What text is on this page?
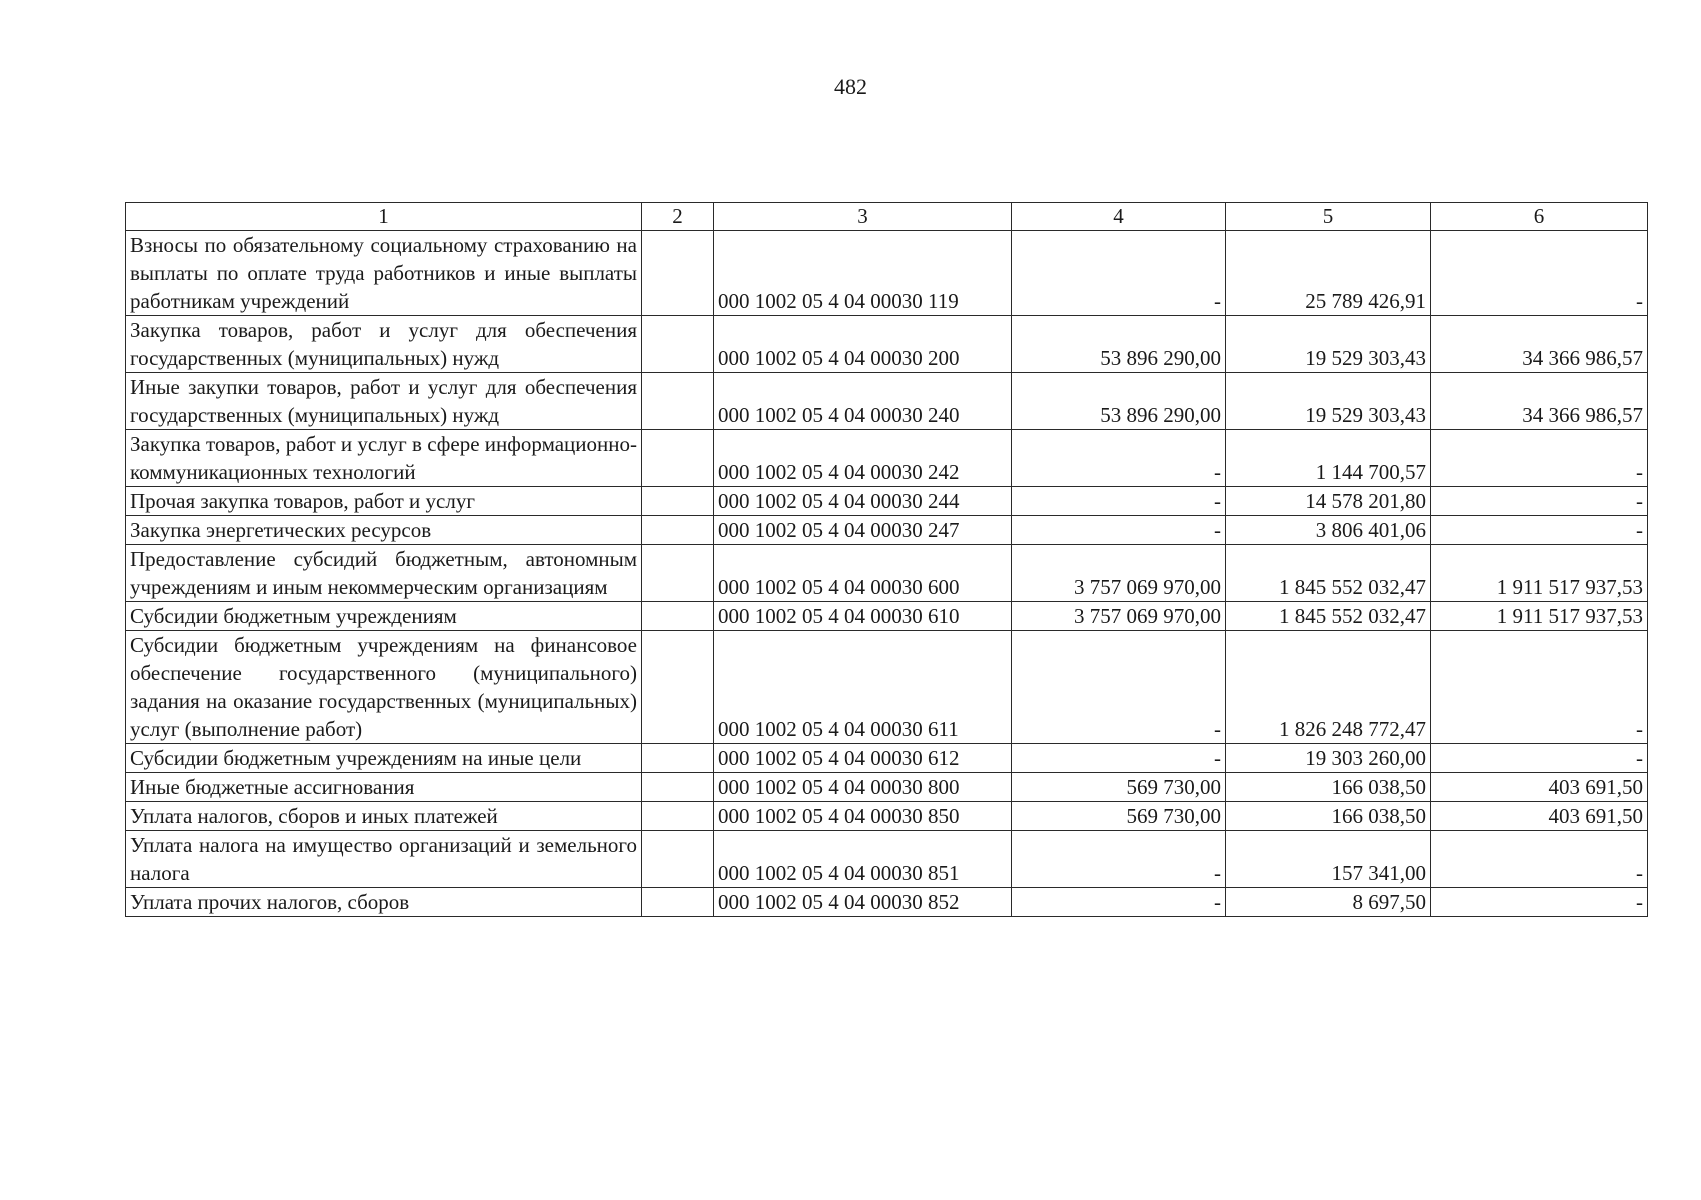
482
1	2	3	4	5	6
Взносы по обязательному социальному страхованию на выплаты по оплате труда работников и иные выплаты работникам учреждений		000 1002 05 4 04 00030 119	-	25 789 426,91	-
Закупка товаров, работ и услуг для обеспечения государственных (муниципальных) нужд		000 1002 05 4 04 00030 200	53 896 290,00	19 529 303,43	34 366 986,57
Иные закупки товаров, работ и услуг для обеспечения государственных (муниципальных) нужд		000 1002 05 4 04 00030 240	53 896 290,00	19 529 303,43	34 366 986,57
Закупка товаров, работ и услуг в сфере информационно-коммуникационных технологий		000 1002 05 4 04 00030 242	-	1 144 700,57	-
Прочая закупка товаров, работ и услуг		000 1002 05 4 04 00030 244	-	14 578 201,80	-
Закупка энергетических ресурсов		000 1002 05 4 04 00030 247	-	3 806 401,06	-
Предоставление субсидий бюджетным, автономным учреждениям и иным некоммерческим организациям		000 1002 05 4 04 00030 600	3 757 069 970,00	1 845 552 032,47	1 911 517 937,53
Субсидии бюджетным учреждениям		000 1002 05 4 04 00030 610	3 757 069 970,00	1 845 552 032,47	1 911 517 937,53
Субсидии бюджетным учреждениям на финансовое обеспечение государственного (муниципального) задания на оказание государственных (муниципальных) услуг (выполнение работ)		000 1002 05 4 04 00030 611	-	1 826 248 772,47	-
Субсидии бюджетным учреждениям на иные цели		000 1002 05 4 04 00030 612	-	19 303 260,00	-
Иные бюджетные ассигнования		000 1002 05 4 04 00030 800	569 730,00	166 038,50	403 691,50
Уплата налогов, сборов и иных платежей		000 1002 05 4 04 00030 850	569 730,00	166 038,50	403 691,50
Уплата налога на имущество организаций и земельного налога		000 1002 05 4 04 00030 851	-	157 341,00	-
Уплата прочих налогов, сборов		000 1002 05 4 04 00030 852	-	8 697,50	-
